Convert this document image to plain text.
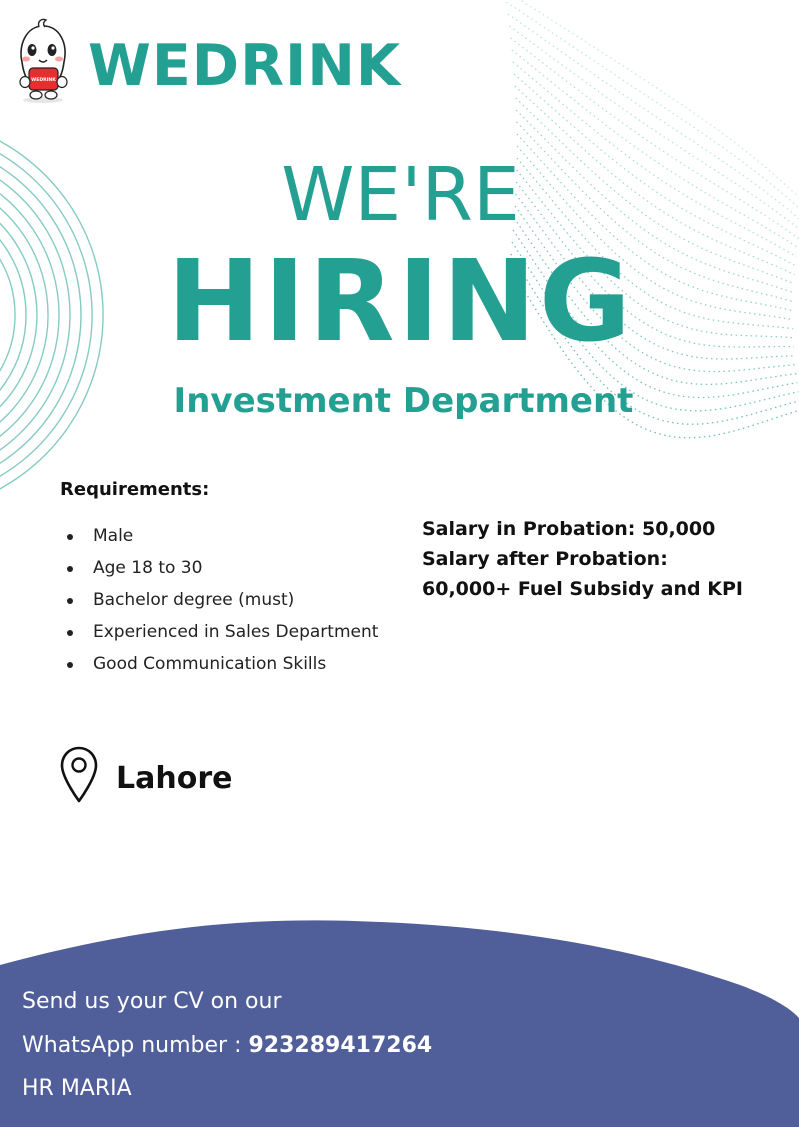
WEDRINK WEDRINK
WE'RE
HIRING
Investment Department
Requirements:
Male
Age 18 to 30
Bachelor degree (must)
Experienced in Sales Department
Good Communication Skills
Salary in Probation: 50,000
Salary after Probation:
60,000+ Fuel Subsidy and KPI
Lahore
Send us your CV on our
WhatsApp number : 923289417264
HR MARIA
